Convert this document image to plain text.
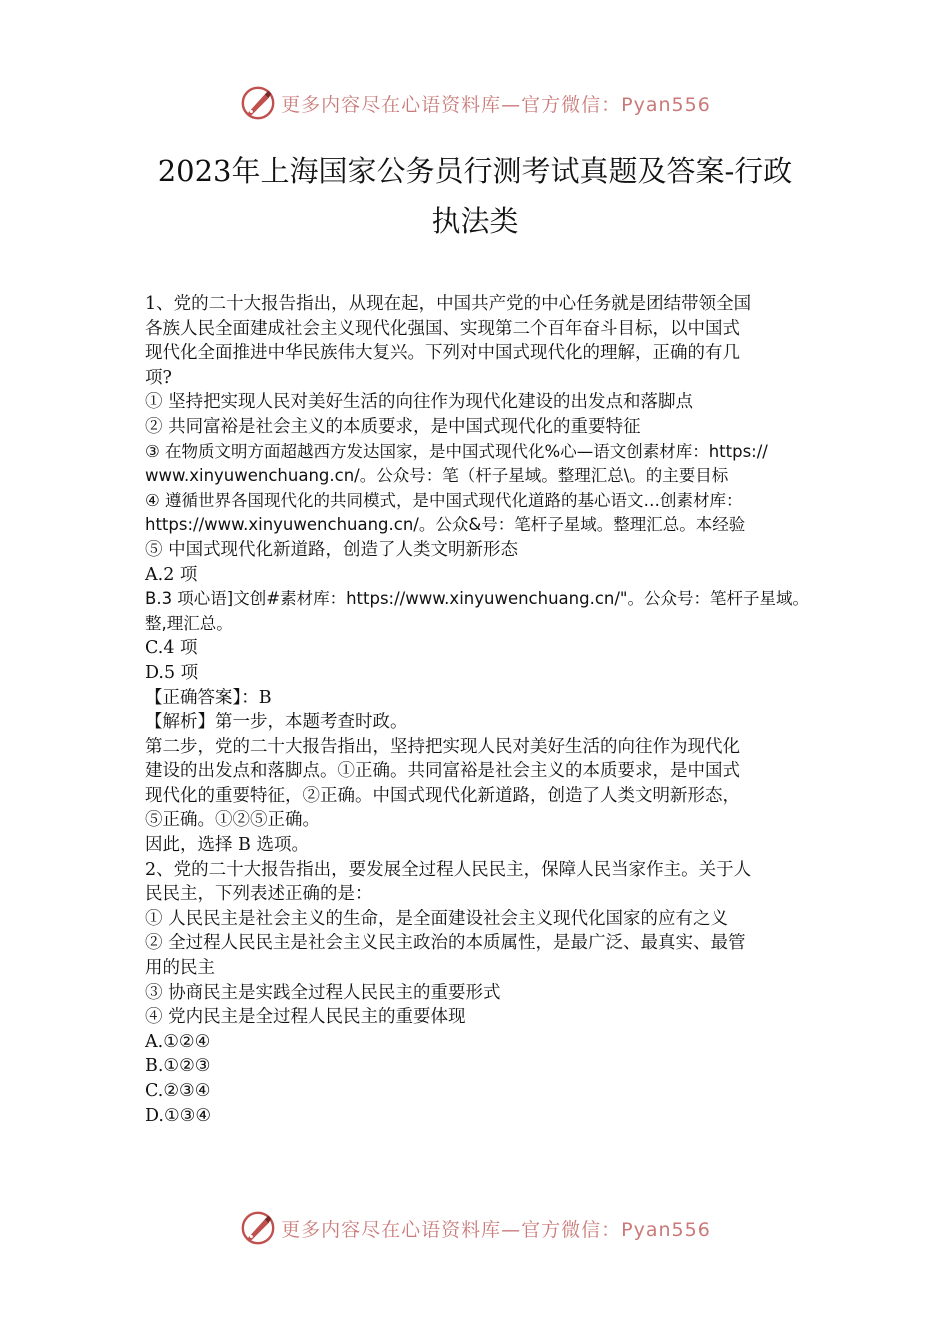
更多内容尽在心语资料库—官方微信：Pyan556
2023年上海国家公务员行测考试真题及答案-行政
执法类
1、党的二十大报告指出，从现在起，中国共产党的中心任务就是团结带领全国
各族人民全面建成社会主义现代化强国、实现第二个百年奋斗目标，以中国式
现代化全面推进中华民族伟大复兴。下列对中国式现代化的理解，正确的有几
项?
① 坚持把实现人民对美好生活的向往作为现代化建设的出发点和落脚点
② 共同富裕是社会主义的本质要求，是中国式现代化的重要特征
③ 在物质文明方面超越西方发达国家，是中国式现代化%心—语文创素材库：https://
www.xinyuwenchuang.cn/。公众号：笔（杆子星域。整理汇总\。的主要目标
④ 遵循世界各国现代化的共同模式，是中国式现代化道路的基心语文…创素材库：
https://www.xinyuwenchuang.cn/。公众&号：笔杆子星域。整理汇总。本经验
⑤ 中国式现代化新道路，创造了人类文明新形态
A.2 项
B.3 项心语]文创#素材库：https://www.xinyuwenchuang.cn/"。公众号：笔杆子星域。
整,理汇总。
C.4 项
D.5 项
【正确答案】：B
【解析】第一步，本题考查时政。
第二步，党的二十大报告指出，坚持把实现人民对美好生活的向往作为现代化
建设的出发点和落脚点。①正确。共同富裕是社会主义的本质要求，是中国式
现代化的重要特征，②正确。中国式现代化新道路，创造了人类文明新形态，
⑤正确。①②⑤正确。
因此，选择 B 选项。
2、党的二十大报告指出，要发展全过程人民民主，保障人民当家作主。关于人
民民主，下列表述正确的是：
① 人民民主是社会主义的生命，是全面建设社会主义现代化国家的应有之义
② 全过程人民民主是社会主义民主政治的本质属性，是最广泛、最真实、最管
用的民主
③ 协商民主是实践全过程人民民主的重要形式
④ 党内民主是全过程人民民主的重要体现
A.①②④
B.①②③
C.②③④
D.①③④
更多内容尽在心语资料库—官方微信：Pyan556
